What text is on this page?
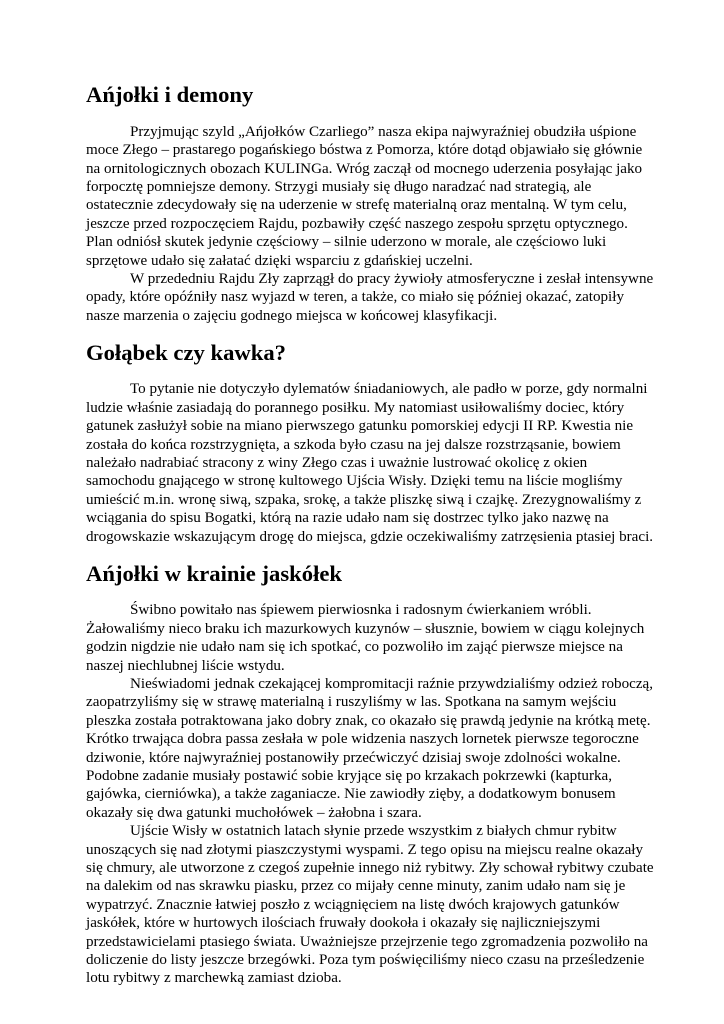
Ańjołki i demony

Przyjmując szyld „Ańjołków Czarliego” nasza ekipa najwyraźniej obudziła uśpione
moce Złego – prastarego pogańskiego bóstwa z Pomorza, które dotąd objawiało się głównie
na ornitologicznych obozach KULINGa. Wróg zaczął od mocnego uderzenia posyłając jako
forpocztę pomniejsze demony. Strzygi musiały się długo naradzać nad strategią, ale
ostatecznie zdecydowały się na uderzenie w strefę materialną oraz mentalną. W tym celu,
jeszcze przed rozpoczęciem Rajdu, pozbawiły część naszego zespołu sprzętu optycznego.
Plan odniósł skutek jedynie częściowy – silnie uderzono w morale, ale częściowo luki
sprzętowe udało się załatać dzięki wsparciu z gdańskiej uczelni.

W przededniu Rajdu Zły zaprzągł do pracy żywioły atmosferyczne i zesłał intensywne
opady, które opóźniły nasz wyjazd w teren, a także, co miało się później okazać, zatopiły
nasze marzenia o zajęciu godnego miejsca w końcowej klasyfikacji.

Gołąbek czy kawka?

To pytanie nie dotyczyło dylematów śniadaniowych, ale padło w porze, gdy normalni
ludzie właśnie zasiadają do porannego posiłku. My natomiast usiłowaliśmy dociec, który
gatunek zasłużył sobie na miano pierwszego gatunku pomorskiej edycji II RP. Kwestia nie
została do końca rozstrzygnięta, a szkoda było czasu na jej dalsze rozstrząsanie, bowiem
należało nadrabiać stracony z winy Złego czas i uważnie lustrować okolicę z okien
samochodu gnającego w stronę kultowego Ujścia Wisły. Dzięki temu na liście mogliśmy
umieścić m.in. wronę siwą, szpaka, srokę, a także pliszkę siwą i czajkę. Zrezygnowaliśmy z
wciągania do spisu Bogatki, którą na razie udało nam się dostrzec tylko jako nazwę na
drogowskazie wskazującym drogę do miejsca, gdzie oczekiwaliśmy zatrzęsienia ptasiej braci.

Ańjołki w krainie jaskółek

Świbno powitało nas śpiewem pierwiosnka i radosnym ćwierkaniem wróbli.
Żałowaliśmy nieco braku ich mazurkowych kuzynów – słusznie, bowiem w ciągu kolejnych
godzin nigdzie nie udało nam się ich spotkać, co pozwoliło im zająć pierwsze miejsce na
naszej niechlubnej liście wstydu.

Nieświadomi jednak czekającej kompromitacji raźnie przywdzialiśmy odzież roboczą,
zaopatrzyliśmy się w strawę materialną i ruszyliśmy w las. Spotkana na samym wejściu
pleszka została potraktowana jako dobry znak, co okazało się prawdą jedynie na krótką metę.
Krótko trwająca dobra passa zesłała w pole widzenia naszych lornetek pierwsze tegoroczne
dziwonie, które najwyraźniej postanowiły przećwiczyć dzisiaj swoje zdolności wokalne.
Podobne zadanie musiały postawić sobie kryjące się po krzakach pokrzewki (kapturka,
gajówka, cierniówka), a także zaganiacze. Nie zawiodły zięby, a dodatkowym bonusem
okazały się dwa gatunki muchołówek – żałobna i szara.

Ujście Wisły w ostatnich latach słynie przede wszystkim z białych chmur rybitw
unoszących się nad złotymi piaszczystymi wyspami. Z tego opisu na miejscu realne okazały
się chmury, ale utworzone z czegoś zupełnie innego niż rybitwy. Zły schował rybitwy czubate
na dalekim od nas skrawku piasku, przez co mijały cenne minuty, zanim udało nam się je
wypatrzyć. Znacznie łatwiej poszło z wciągnięciem na listę dwóch krajowych gatunków
jaskółek, które w hurtowych ilościach fruwały dookoła i okazały się najliczniejszymi
przedstawicielami ptasiego świata. Uważniejsze przejrzenie tego zgromadzenia pozwoliło na
doliczenie do listy jeszcze brzegówki. Poza tym poświęciliśmy nieco czasu na prześledzenie
lotu rybitwy z marchewką zamiast dzioba.
